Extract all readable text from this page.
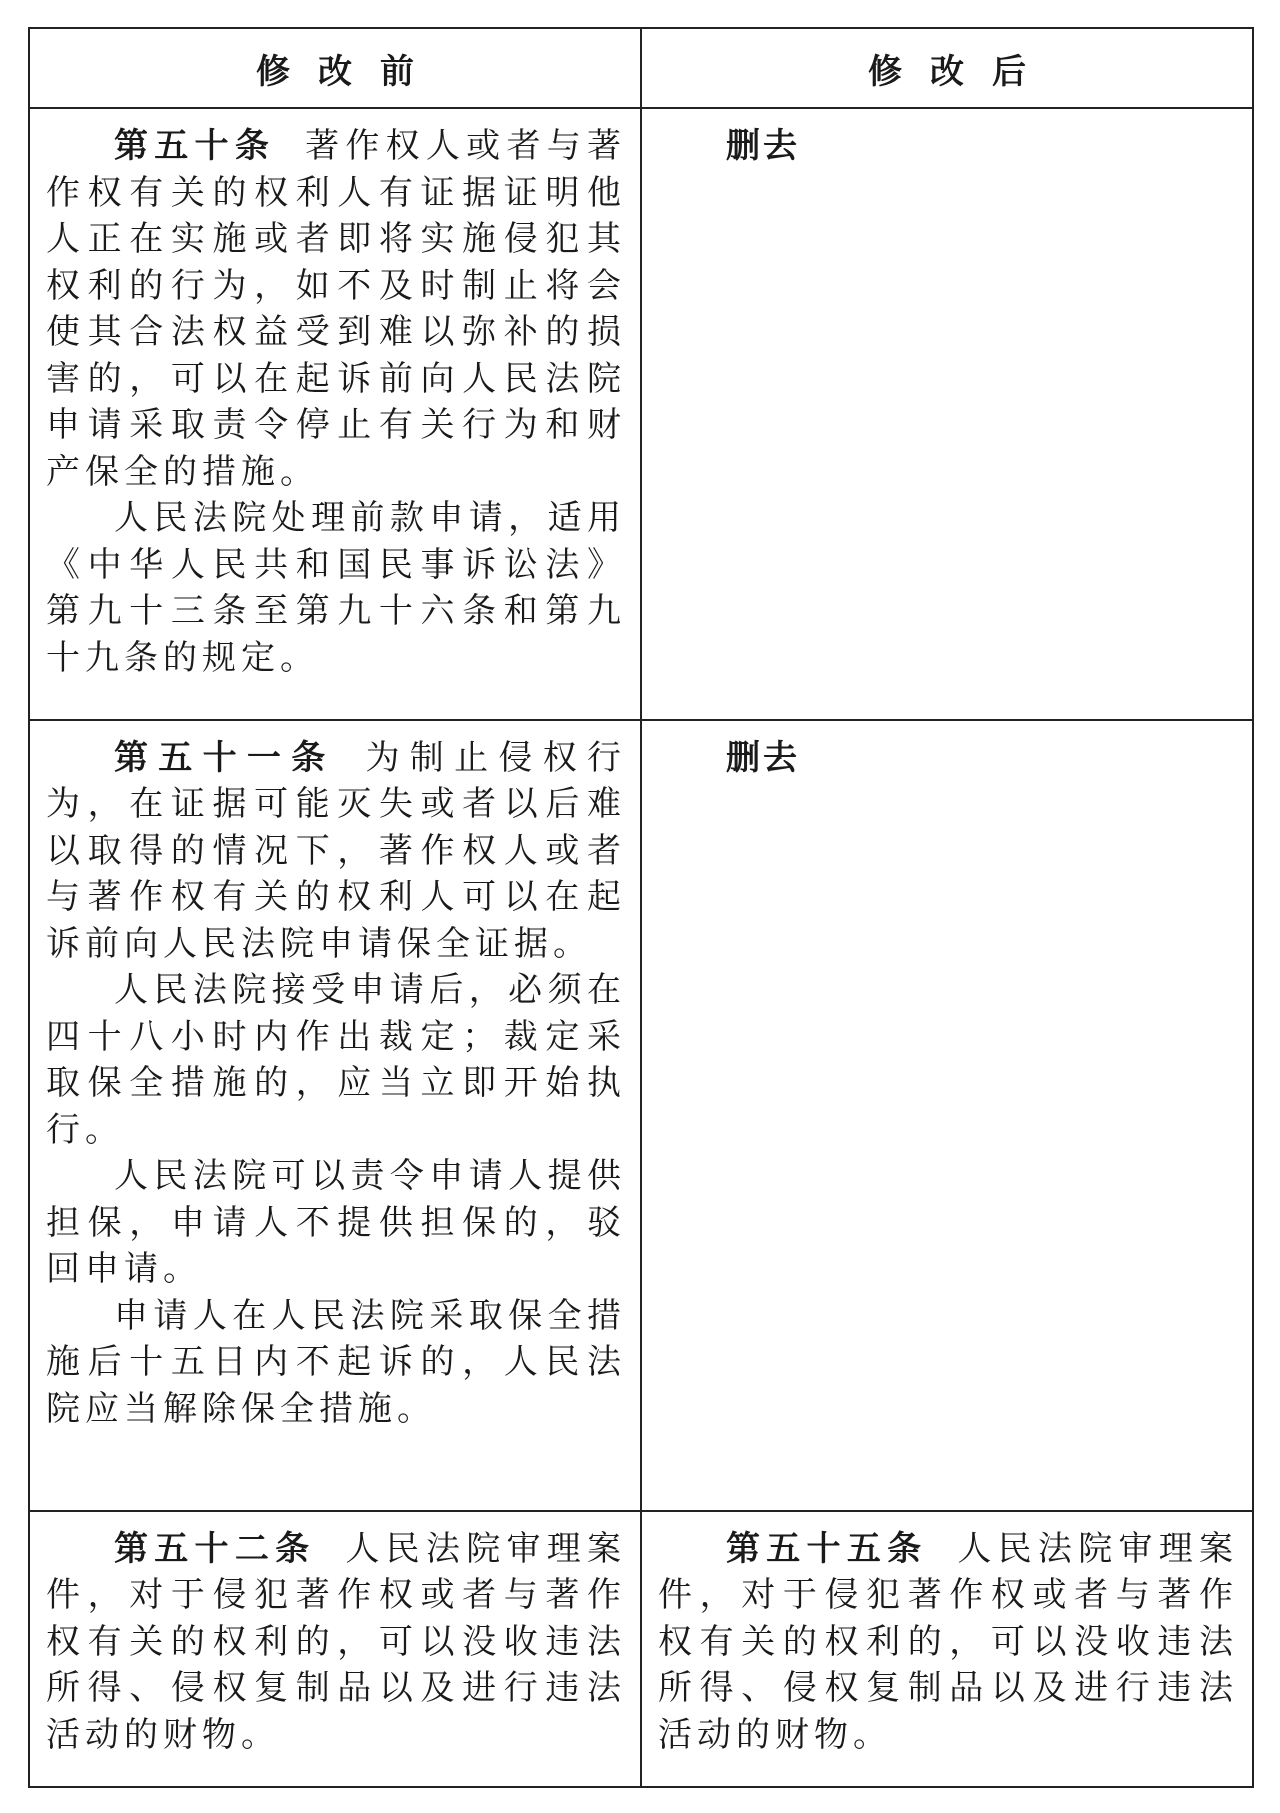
修改前	修改后

第五十条 著作权人或者与著作权有关的权利人有证据证明他人正在实施或者即将实施侵犯其权利的行为，如不及时制止将会使其合法权益受到难以弥补的损害的，可以在起诉前向人民法院申请采取责令停止有关行为和财产保全的措施。

人民法院处理前款申请，适用《中华人民共和国民事诉讼法》第九十三条至第九十六条和第九十九条的规定。	删去

第五十一条 为制止侵权行为，在证据可能灭失或者以后难以取得的情况下，著作权人或者与著作权有关的权利人可以在起诉前向人民法院申请保全证据。

人民法院接受申请后，必须在四十八小时内作出裁定；裁定采取保全措施的，应当立即开始执行。

人民法院可以责令申请人提供担保，申请人不提供担保的，驳回申请。

申请人在人民法院采取保全措施后十五日内不起诉的，人民法院应当解除保全措施。	删去

第五十二条 人民法院审理案件，对于侵犯著作权或者与著作权有关的权利的，可以没收违法所得、侵权复制品以及进行违法活动的财物。	第五十五条 人民法院审理案件，对于侵犯著作权或者与著作权有关的权利的，可以没收违法所得、侵权复制品以及进行违法活动的财物。
